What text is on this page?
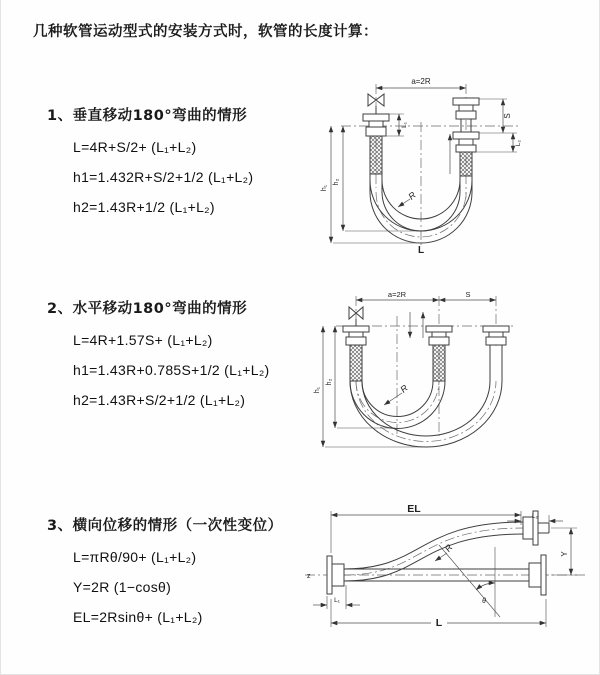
几种软管运动型式的安装方式时，软管的长度计算：
1、垂直移动180°弯曲的情形
L=4R+S/2+ (L₁+L₂)
h1=1.432R+S/2+1/2 (L₁+L₂)
h2=1.43R+1/2 (L₁+L₂)
2、水平移动180°弯曲的情形
L=4R+1.57S+ (L₁+L₂)
h1=1.43R+0.785S+1/2 (L₁+L₂)
h2=1.43R+S/2+1/2 (L₁+L₂)
3、横向位移的情形（一次性变位）
L=πRθ/90+ (L₁+L₂)
Y=2R (1−cosθ)
EL=2Rsinθ+ (L₁+L₂)
a=2R
S
L₂
L₁
h₁
h₂
R
L
a=2R	S
h₁
h₂
R
z
θ
R
EL
L₂
Y
L₁
L
